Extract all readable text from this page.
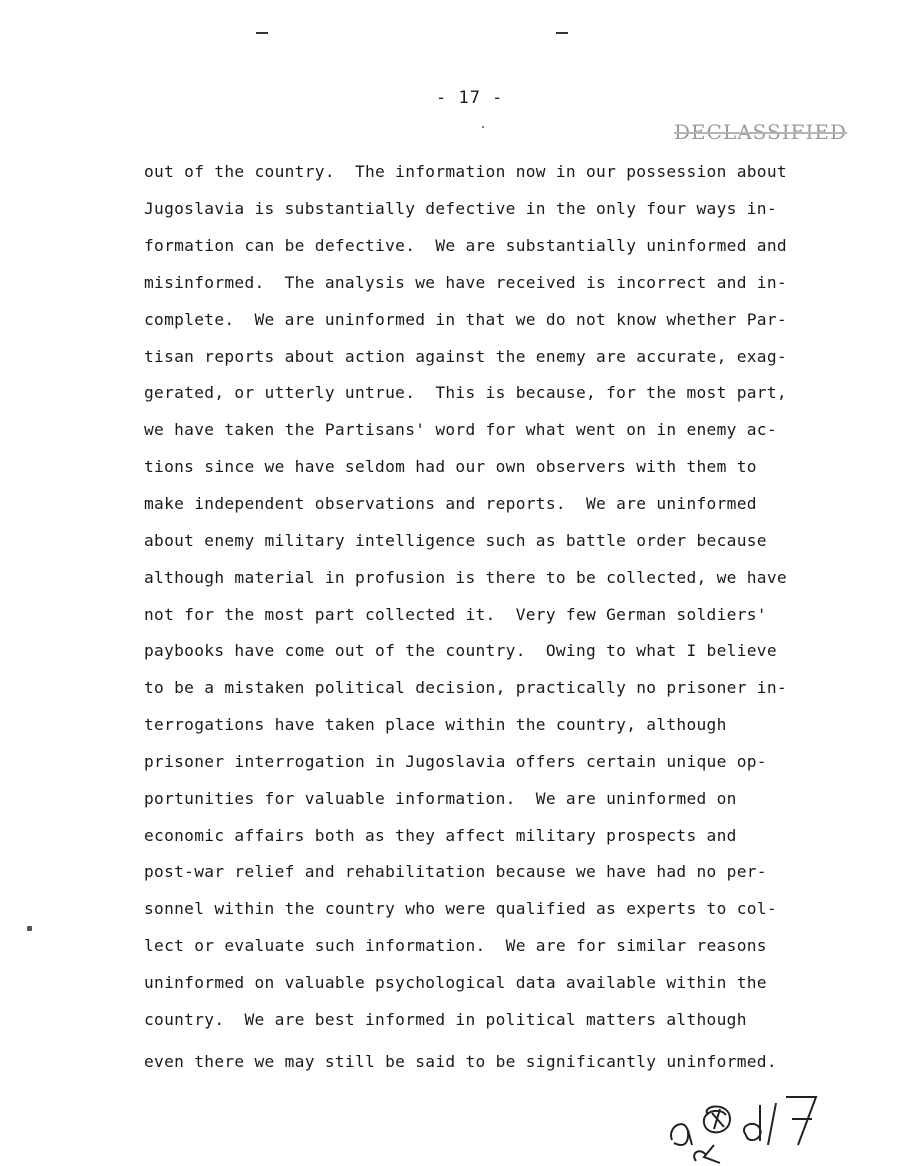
- 17 -
DECLASSIFIED
out of the country.  The information now in our possession about
Jugoslavia is substantially defective in the only four ways in-
formation can be defective.  We are substantially uninformed and
misinformed.  The analysis we have received is incorrect and in-
complete.  We are uninformed in that we do not know whether Par-
tisan reports about action against the enemy are accurate, exag-
gerated, or utterly untrue.  This is because, for the most part,
we have taken the Partisans' word for what went on in enemy ac-
tions since we have seldom had our own observers with them to
make independent observations and reports.  We are uninformed
about enemy military intelligence such as battle order because
although material in profusion is there to be collected, we have
not for the most part collected it.  Very few German soldiers'
paybooks have come out of the country.  Owing to what I believe
to be a mistaken political decision, practically no prisoner in-
terrogations have taken place within the country, although
prisoner interrogation in Jugoslavia offers certain unique op-
portunities for valuable information.  We are uninformed on
economic affairs both as they affect military prospects and
post-war relief and rehabilitation because we have had no per-
sonnel within the country who were qualified as experts to col-
lect or evaluate such information.  We are for similar reasons
uninformed on valuable psychological data available within the
country.  We are best informed in political matters although
even there we may still be said to be significantly uninformed.
